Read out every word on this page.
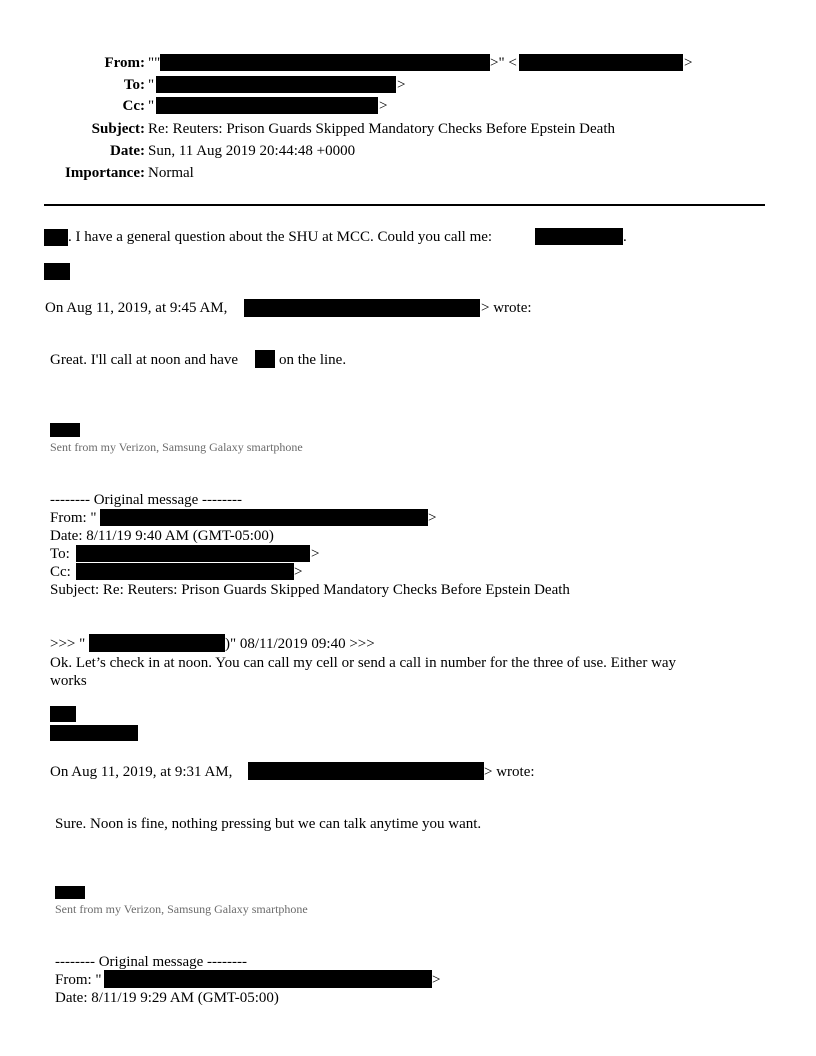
From: ""	>" <	>
To: "	>
Cc: "	>
Subject: Re: Reuters: Prison Guards Skipped Mandatory Checks Before Epstein Death
Date: Sun, 11 Aug 2019 20:44:48 +0000
Importance: Normal
. I have a general question about the SHU at MCC. Could you call me:	.
On Aug 11, 2019, at 9:45 AM,	> wrote:
Great. I'll call at noon and have	on the line.
Sent from my Verizon, Samsung Galaxy smartphone
-------- Original message --------
From: "	>
Date: 8/11/19 9:40 AM (GMT-05:00)
To:	>
Cc:	>
Subject: Re: Reuters: Prison Guards Skipped Mandatory Checks Before Epstein Death
>>> "	)" 08/11/2019 09:40 >>>
Ok. Let’s check in at noon. You can call my cell or send a call in number for the three of use. Either way
works
On Aug 11, 2019, at 9:31 AM,	> wrote:
Sure. Noon is fine, nothing pressing but we can talk anytime you want.
Sent from my Verizon, Samsung Galaxy smartphone
-------- Original message --------
From: "	>
Date: 8/11/19 9:29 AM (GMT-05:00)
